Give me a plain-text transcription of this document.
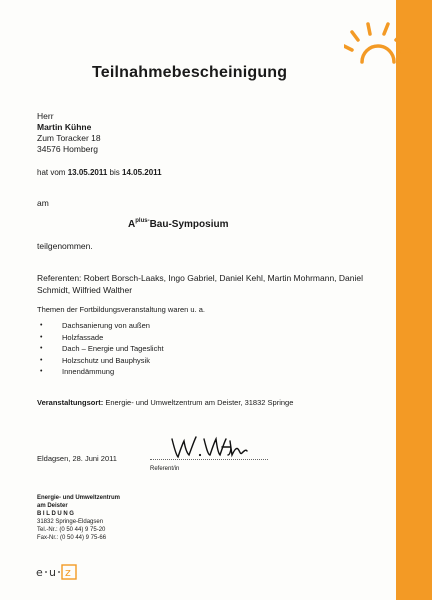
Teilnahmebescheinigung
Herr
Martin Kühne
Zum Toracker 18
34576 Homberg
hat vom 13.05.2011 bis 14.05.2011
am
$A^{plus-}Bau$-Symposium
teilgenommen.
Referenten: Robert Borsch-Laaks, Ingo Gabriel, Daniel Kehl, Martin Mohrmann, Daniel Schmidt, Wilfried Walther
Themen der Fortbildungsveranstaltung waren u. a.
•	Dachsanierung von außen
•	Holzfassade
•	Dach – Energie und Tageslicht
•	Holzschutz und Bauphysik
•	Innendämmung
Veranstaltungsort: Energie- und Umweltzentrum am Deister, 31832 Springe
Eldagsen, 28. Juni 2011
Referent/in
Energie- und Umweltzentrum
am Deister
BILDUNG
31832 Springe-Eldagsen
Tel.-Nr.: (0 50 44) 9 75-20
Fax-Nr.: (0 50 44) 9 75-66
e u z
